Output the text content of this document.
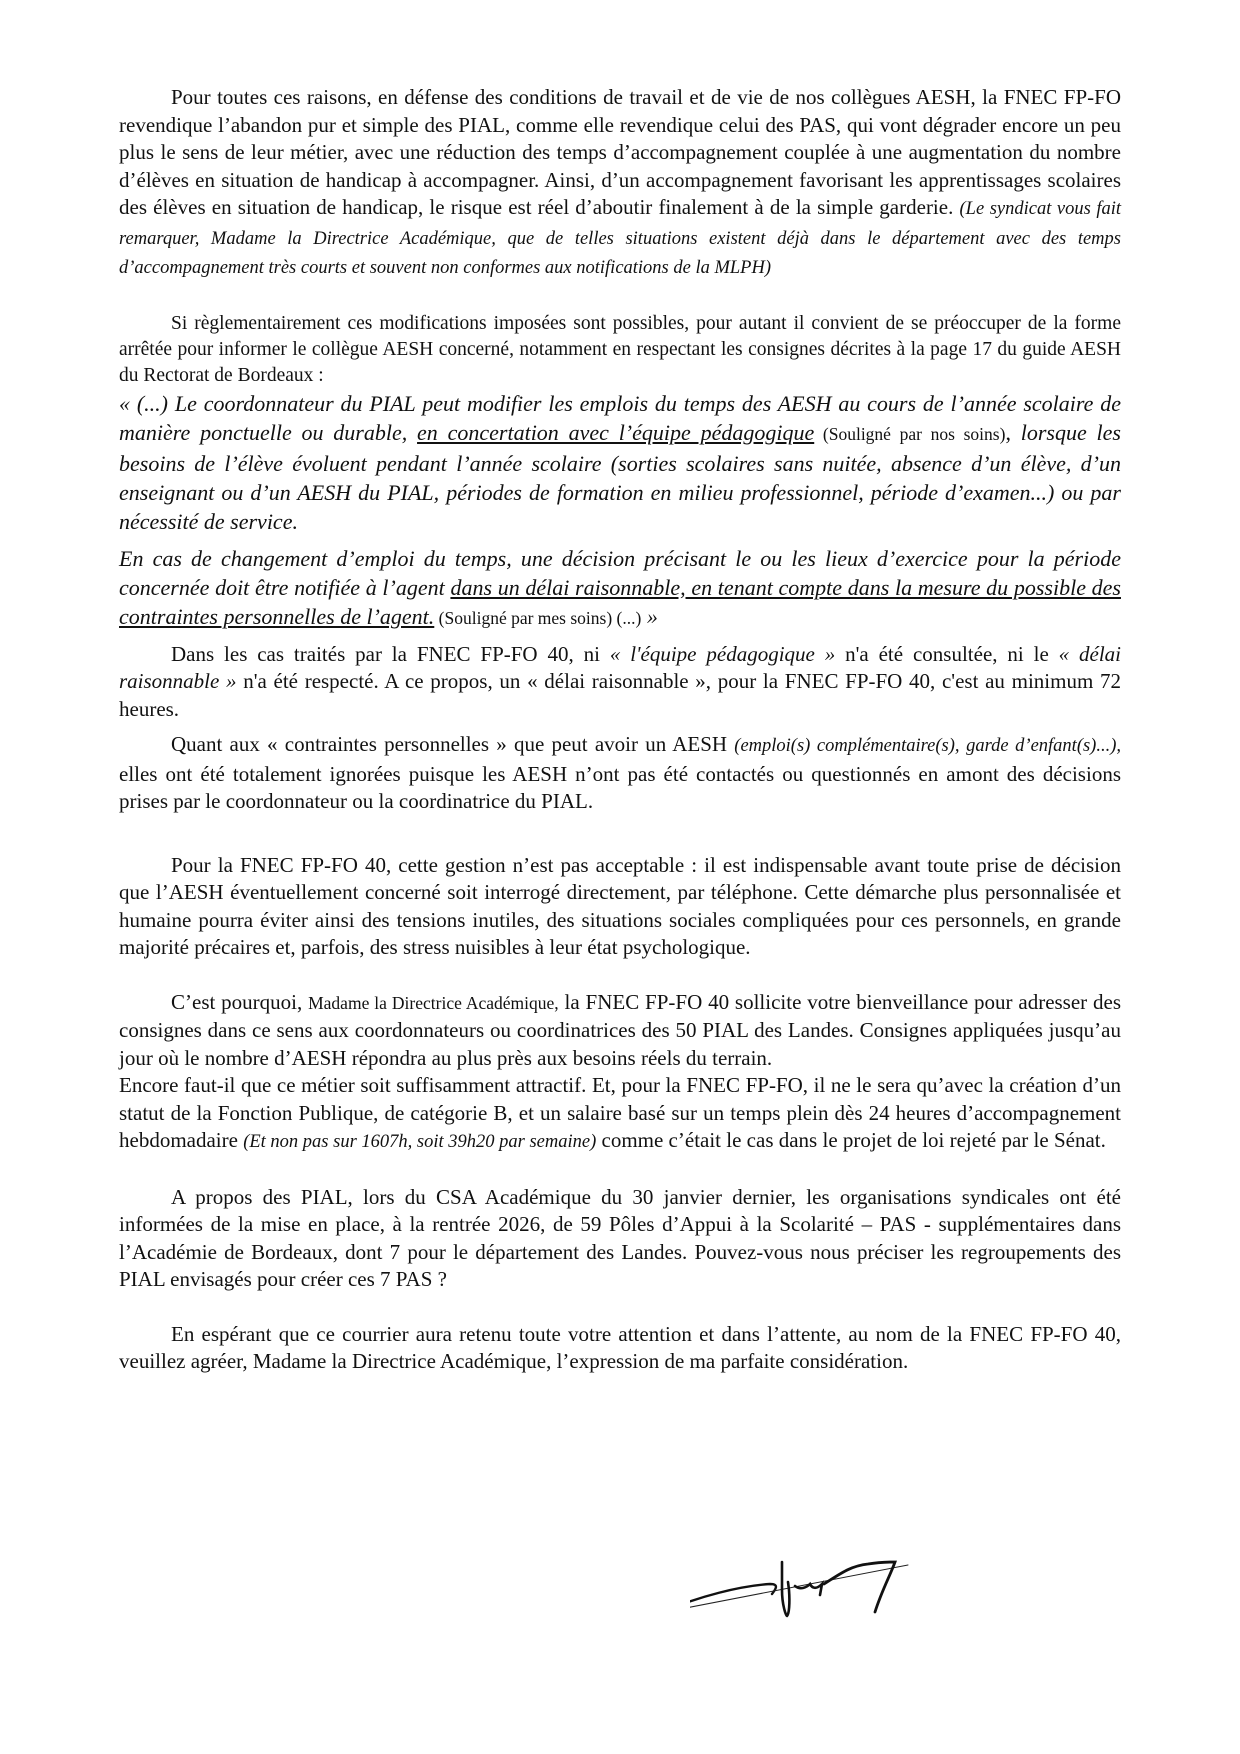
Pour toutes ces raisons, en défense des conditions de travail et de vie de nos collègues AESH, la FNEC FP-FO revendique l’abandon pur et simple des PIAL, comme elle revendique celui des PAS, qui vont dégrader encore un peu plus le sens de leur métier, avec une réduction des temps d’accompagnement couplée à une augmentation du nombre d’élèves en situation de handicap à accompagner. Ainsi, d’un accompagnement favorisant les apprentissages scolaires des élèves en situation de handicap, le risque est réel d’aboutir finalement à de la simple garderie. (Le syndicat vous fait remarquer, Madame la Directrice Académique, que de telles situations existent déjà dans le département avec des temps d’accompagnement très courts et souvent non conformes aux notifications de la MLPH)

Si règlementairement ces modifications imposées sont possibles, pour autant il convient de se préoccuper de la forme arrêtée pour informer le collègue AESH concerné, notamment en respectant les consignes décrites à la page 17 du guide AESH du Rectorat de Bordeaux :

« (...) Le coordonnateur du PIAL peut modifier les emplois du temps des AESH au cours de l’année scolaire de manière ponctuelle ou durable, en concertation avec l’équipe pédagogique (Souligné par nos soins), lorsque les besoins de l’élève évoluent pendant l’année scolaire (sorties scolaires sans nuitée, absence d’un élève, d’un enseignant ou d’un AESH du PIAL, périodes de formation en milieu professionnel, période d’examen...) ou par nécessité de service.

En cas de changement d’emploi du temps, une décision précisant le ou les lieux d’exercice pour la période concernée doit être notifiée à l’agent dans un délai raisonnable, en tenant compte dans la mesure du possible des contraintes personnelles de l’agent. (Souligné par mes soins) (...) »

Dans les cas traités par la FNEC FP-FO 40, ni « l'équipe pédagogique » n'a été consultée, ni le « délai raisonnable » n'a été respecté. A ce propos, un « délai raisonnable », pour la FNEC FP-FO 40, c'est au minimum 72 heures.

Quant aux « contraintes personnelles » que peut avoir un AESH (emploi(s) complémentaire(s), garde d’enfant(s)...), elles ont été totalement ignorées puisque les AESH n’ont pas été contactés ou questionnés en amont des décisions prises par le coordonnateur ou la coordinatrice du PIAL.

Pour la FNEC FP-FO 40, cette gestion n’est pas acceptable : il est indispensable avant toute prise de décision que l’AESH éventuellement concerné soit interrogé directement, par téléphone. Cette démarche plus personnalisée et humaine pourra éviter ainsi des tensions inutiles, des situations sociales compliquées pour ces personnels, en grande majorité précaires et, parfois, des stress nuisibles à leur état psychologique.

C’est pourquoi, Madame la Directrice Académique, la FNEC FP-FO 40 sollicite votre bienveillance pour adresser des consignes dans ce sens aux coordonnateurs ou coordinatrices des 50 PIAL des Landes. Consignes appliquées jusqu’au jour où le nombre d’AESH répondra au plus près aux besoins réels du terrain.

Encore faut-il que ce métier soit suffisamment attractif. Et, pour la FNEC FP-FO, il ne le sera qu’avec la création d’un statut de la Fonction Publique, de catégorie B, et un salaire basé sur un temps plein dès 24 heures d’accompagnement hebdomadaire (Et non pas sur 1607h, soit 39h20 par semaine) comme c’était le cas dans le projet de loi rejeté par le Sénat.

A propos des PIAL, lors du CSA Académique du 30 janvier dernier, les organisations syndicales ont été informées de la mise en place, à la rentrée 2026, de 59 Pôles d’Appui à la Scolarité – PAS - supplémentaires dans l’Académie de Bordeaux, dont 7 pour le département des Landes. Pouvez-vous nous préciser les regroupements des PIAL envisagés pour créer ces 7 PAS ?

En espérant que ce courrier aura retenu toute votre attention et dans l’attente, au nom de la FNEC FP-FO 40, veuillez agréer, Madame la Directrice Académique, l’expression de ma parfaite considération.
